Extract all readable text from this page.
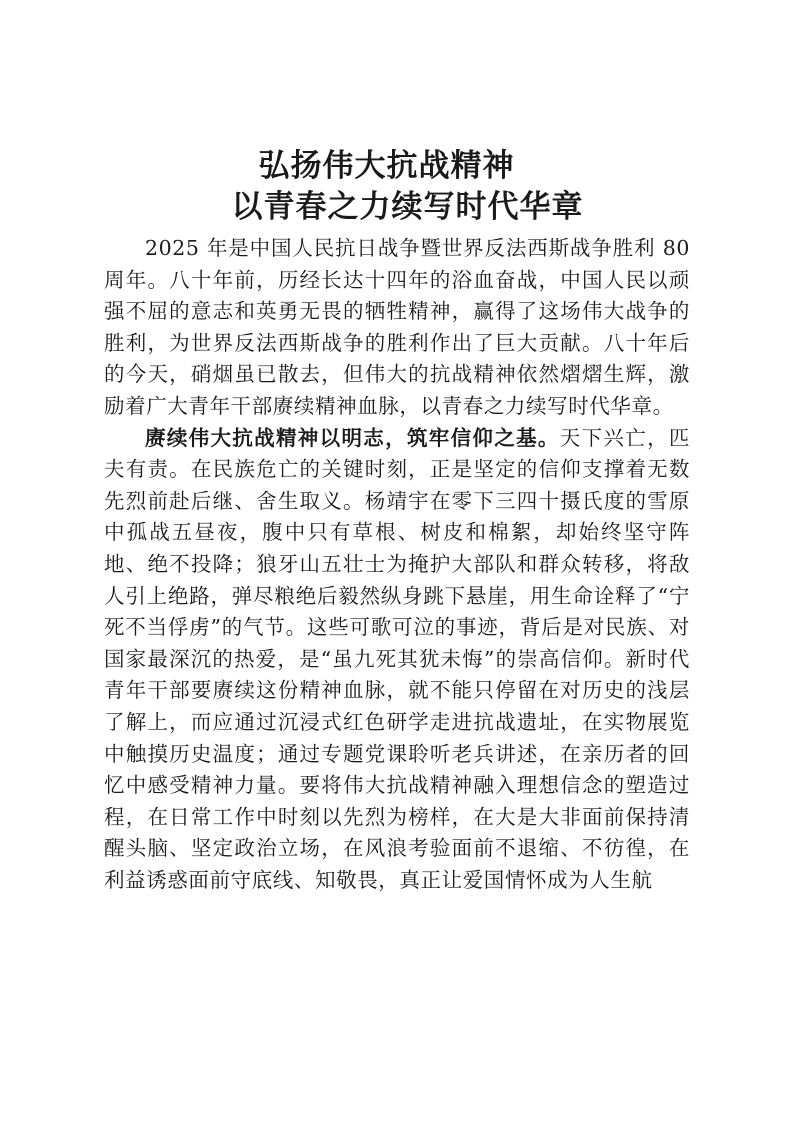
弘扬伟大抗战精神
以青春之力续写时代华章

2025 年是中国人民抗日战争暨世界反法西斯战争胜利 80 周年。八十年前，历经长达十四年的浴血奋战，中国人民以顽强不屈的意志和英勇无畏的牺牲精神，赢得了这场伟大战争的胜利，为世界反法西斯战争的胜利作出了巨大贡献。八十年后的今天，硝烟虽已散去，但伟大的抗战精神依然熠熠生辉，激励着广大青年干部赓续精神血脉，以青春之力续写时代华章。

赓续伟大抗战精神以明志，筑牢信仰之基。天下兴亡，匹夫有责。在民族危亡的关键时刻，正是坚定的信仰支撑着无数先烈前赴后继、舍生取义。杨靖宇在零下三四十摄氏度的雪原中孤战五昼夜，腹中只有草根、树皮和棉絮，却始终坚守阵地、绝不投降；狼牙山五壮士为掩护大部队和群众转移，将敌人引上绝路，弹尽粮绝后毅然纵身跳下悬崖，用生命诠释了“宁死不当俘虏”的气节。这些可歌可泣的事迹，背后是对民族、对国家最深沉的热爱，是“虽九死其犹未悔”的崇高信仰。新时代青年干部要赓续这份精神血脉，就不能只停留在对历史的浅层了解上，而应通过沉浸式红色研学走进抗战遗址，在实物展览中触摸历史温度；通过专题党课聆听老兵讲述，在亲历者的回忆中感受精神力量。要将伟大抗战精神融入理想信念的塑造过程，在日常工作中时刻以先烈为榜样，在大是大非面前保持清醒头脑、坚定政治立场，在风浪考验面前不退缩、不彷徨，在利益诱惑面前守底线、知敬畏，真正让爱国情怀成为人生航
